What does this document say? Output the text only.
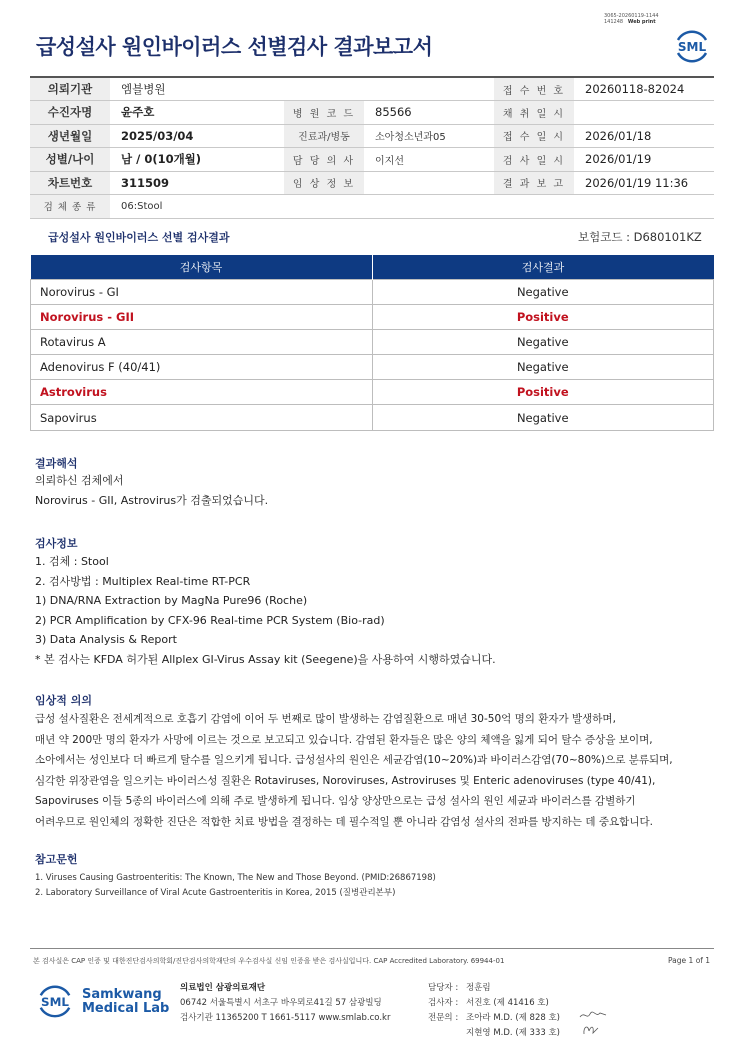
3065-20260119-1144
141248 Web print
급성설사 원인바이러스 선별검사 결과보고서	SML
의뢰기관	엠블병원			접 수 번 호	20260118-82024
수진자명	윤주호	병 원 코 드	85566	채 취 일 시	
생년월일	2025/03/04	진료과/병동	소아청소년과05	접 수 일 시	2026/01/18
성별/나이	남 / 0(10개월)	담 당 의 사	이지선	검 사 일 시	2026/01/19
차트번호	311509	임 상 정 보		결 과 보 고	2026/01/19 11:36
검 체 종 류	06:Stool				
급성설사 원인바이러스 선별 검사결과	보험코드 : D680101KZ
검사항목	검사결과
Norovirus - GI	Negative
Norovirus - GII	Positive
Rotavirus A	Negative
Adenovirus F (40/41)	Negative
Astrovirus	Positive
Sapovirus	Negative
결과해석
의뢰하신 검체에서
Norovirus - GII, Astrovirus가 검출되었습니다.
검사정보
1. 검체 : Stool
2. 검사방법 : Multiplex Real-time RT-PCR
1) DNA/RNA Extraction by MagNa Pure96 (Roche)
2) PCR Amplification by CFX-96 Real-time PCR System (Bio-rad)
3) Data Analysis & Report
* 본 검사는 KFDA 허가된 Allplex GI-Virus Assay kit (Seegene)을 사용하여 시행하였습니다.
임상적 의의
급성 설사질환은 전세계적으로 호흡기 감염에 이어 두 번째로 많이 발생하는 감염질환으로 매년 30-50억 명의 환자가 발생하며,
매년 약 200만 명의 환자가 사망에 이르는 것으로 보고되고 있습니다. 감염된 환자들은 많은 양의 체액을 잃게 되어 탈수 증상을 보이며,
소아에서는 성인보다 더 빠르게 탈수를 일으키게 됩니다. 급성설사의 원인은 세균감염(10~20%)과 바이러스감염(70~80%)으로 분류되며,
심각한 위장관염을 일으키는 바이러스성 질환은 Rotaviruses, Noroviruses, Astroviruses 및 Enteric adenoviruses (type 40/41),
Sapoviruses 이들 5종의 바이러스에 의해 주로 발생하게 됩니다. 임상 양상만으로는 급성 설사의 원인 세균과 바이러스를 감별하기
어려우므로 원인체의 정확한 진단은 적합한 치료 방법을 결정하는 데 필수적일 뿐 아니라 감염성 설사의 전파를 방지하는 데 중요합니다.
참고문헌
1. Viruses Causing Gastroenteritis: The Known, The New and Those Beyond. (PMID:26867198)
2. Laboratory Surveillance of Viral Acute Gastroenteritis in Korea, 2015 (질병관리본부)
본 검사실은 CAP 인증 및 대한진단검사의학회/진단검사의학재단의 우수검사실 신임 인증을 받은 검사실입니다. CAP Accredited Laboratory. 69944-01	Page 1 of 1
SML Samkwang
Medical Lab
의료법인 삼광의료재단
06742 서울특별시 서초구 바우뫼로41길 57 삼광빌딩
검사기관 11365200 T 1661-5117 www.smlab.co.kr
담당자 : 정훈림
검사자 : 서진호 (제 41416 호)
전문의 : 조아라 M.D. (제 828 호)
지현영 M.D. (제 333 호)
